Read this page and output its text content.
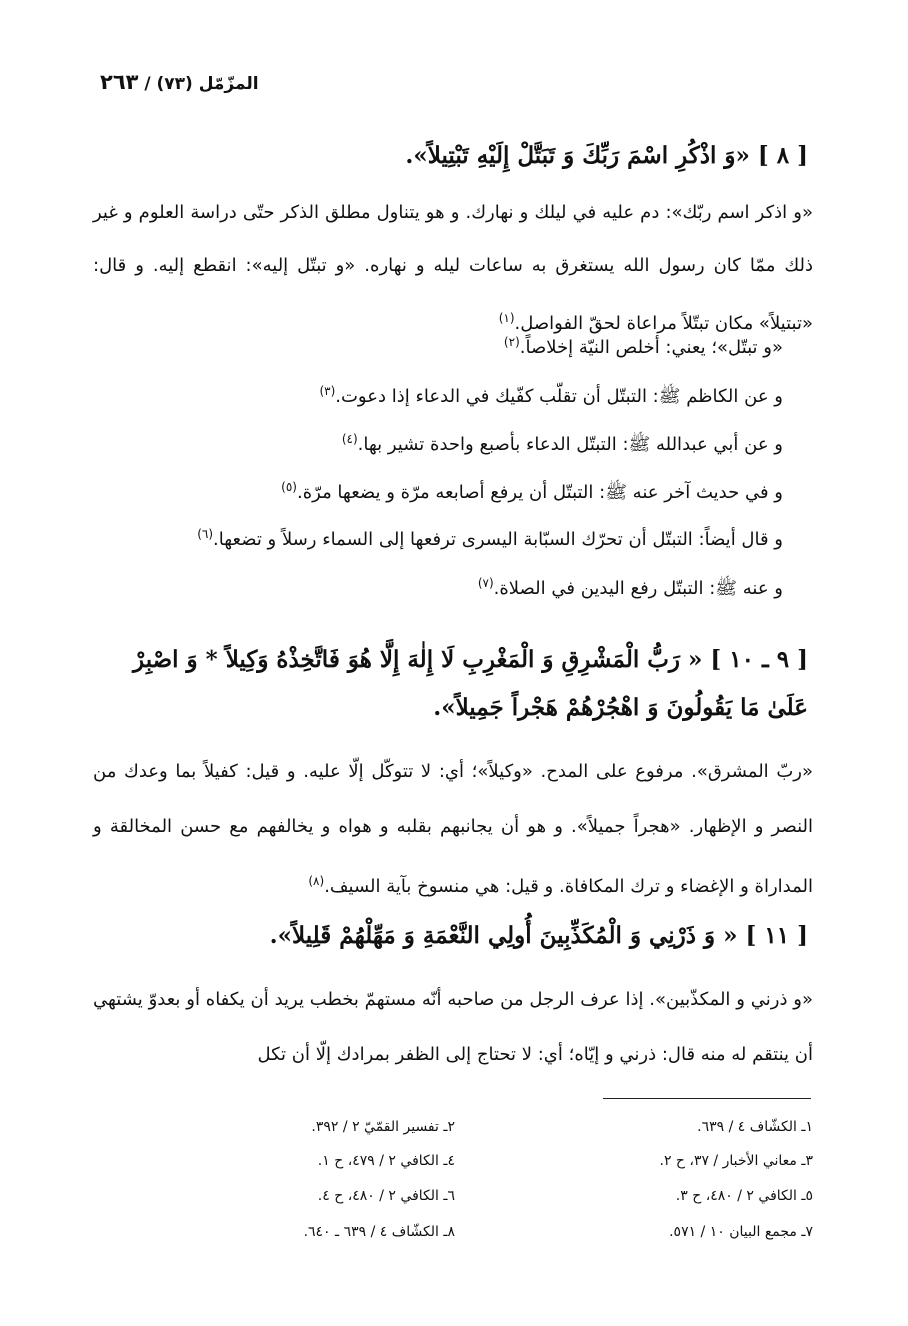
المزّمّل (٧٣) / ٢٦٣
[ ٨ ] «وَ اذْكُرِ اسْمَ رَبِّكَ وَ تَبَتَّلْ إِلَيْهِ تَبْتِيلاً».
«و اذكر اسم ربّك»: دم عليه في ليلك و نهارك. و هو يتناول مطلق الذكر حتّى دراسة العلوم و غير ذلك ممّا كان رسول الله يستغرق به ساعات ليله و نهاره. «و تبتّل إليه»: انقطع إليه. و قال: «تبتيلاً» مكان تبتّلاً مراعاة لحقّ الفواصل.$^{(١)}$
«و تبتّل»؛ يعني: أخلص النيّة إخلاصاً.$^{(٢)}$
و عن الكاظم ﷺ: التبتّل أن تقلّب كفّيك في الدعاء إذا دعوت.$^{(٣)}$
و عن أبي عبدالله ﷺ: التبتّل الدعاء بأصبع واحدة تشير بها.$^{(٤)}$
و في حديث آخر عنه ﷺ: التبتّل أن يرفع أصابعه مرّة و يضعها مرّة.$^{(٥)}$
و قال أيضاً: التبتّل أن تحرّك السبّابة اليسرى ترفعها إلى السماء رسلاً و تضعها.$^{(٦)}$
و عنه ﷺ: التبتّل رفع اليدين في الصلاة.$^{(٧)}$
[ ٩ ـ ١٠ ] « رَبُّ الْمَشْرِقِ وَ الْمَغْرِبِ لَا إِلٰهَ إِلَّا هُوَ فَاتَّخِذْهُ وَكِيلاً * وَ اصْبِرْ عَلَىٰ مَا يَقُولُونَ وَ اهْجُرْهُمْ هَجْراً جَمِيلاً».
«ربّ المشرق». مرفوع على المدح. «وكيلاً»؛ أي: لا تتوكّل إلّا عليه. و قيل: كفيلاً بما وعدك من النصر و الإظهار. «هجراً جميلاً». و هو أن يجانبهم بقلبه و هواه و يخالفهم مع حسن المخالقة و المداراة و الإغضاء و ترك المكافاة. و قيل: هي منسوخ بآية السيف.$^{(٨)}$
[ ١١ ] « وَ ذَرْنِي وَ الْمُكَذِّبِينَ أُولِي النَّعْمَةِ وَ مَهِّلْهُمْ قَلِيلاً».
«و ذرني و المكذّبين». إذا عرف الرجل من صاحبه أنّه مستهمّ بخطب يريد أن يكفاه أو بعدوّ يشتهي أن ينتقم له منه قال: ذرني و إيّاه؛ أي: لا تحتاج إلى الظفر بمرادك إلّا أن تكل
١ـ الكشّاف ٤ / ٦٣٩.
٢ـ تفسير القمّيّ ٢ / ٣٩٢.
٣ـ معاني الأخبار / ٣٧، ح ٢.
٤ـ الكافي ٢ / ٤٧٩، ح ١.
٥ـ الكافي ٢ / ٤٨٠، ح ٣.
٦ـ الكافي ٢ / ٤٨٠، ح ٤.
٧ـ مجمع البيان ١٠ / ٥٧١.
٨ـ الكشّاف ٤ / ٦٣٩ ـ ٦٤٠.
